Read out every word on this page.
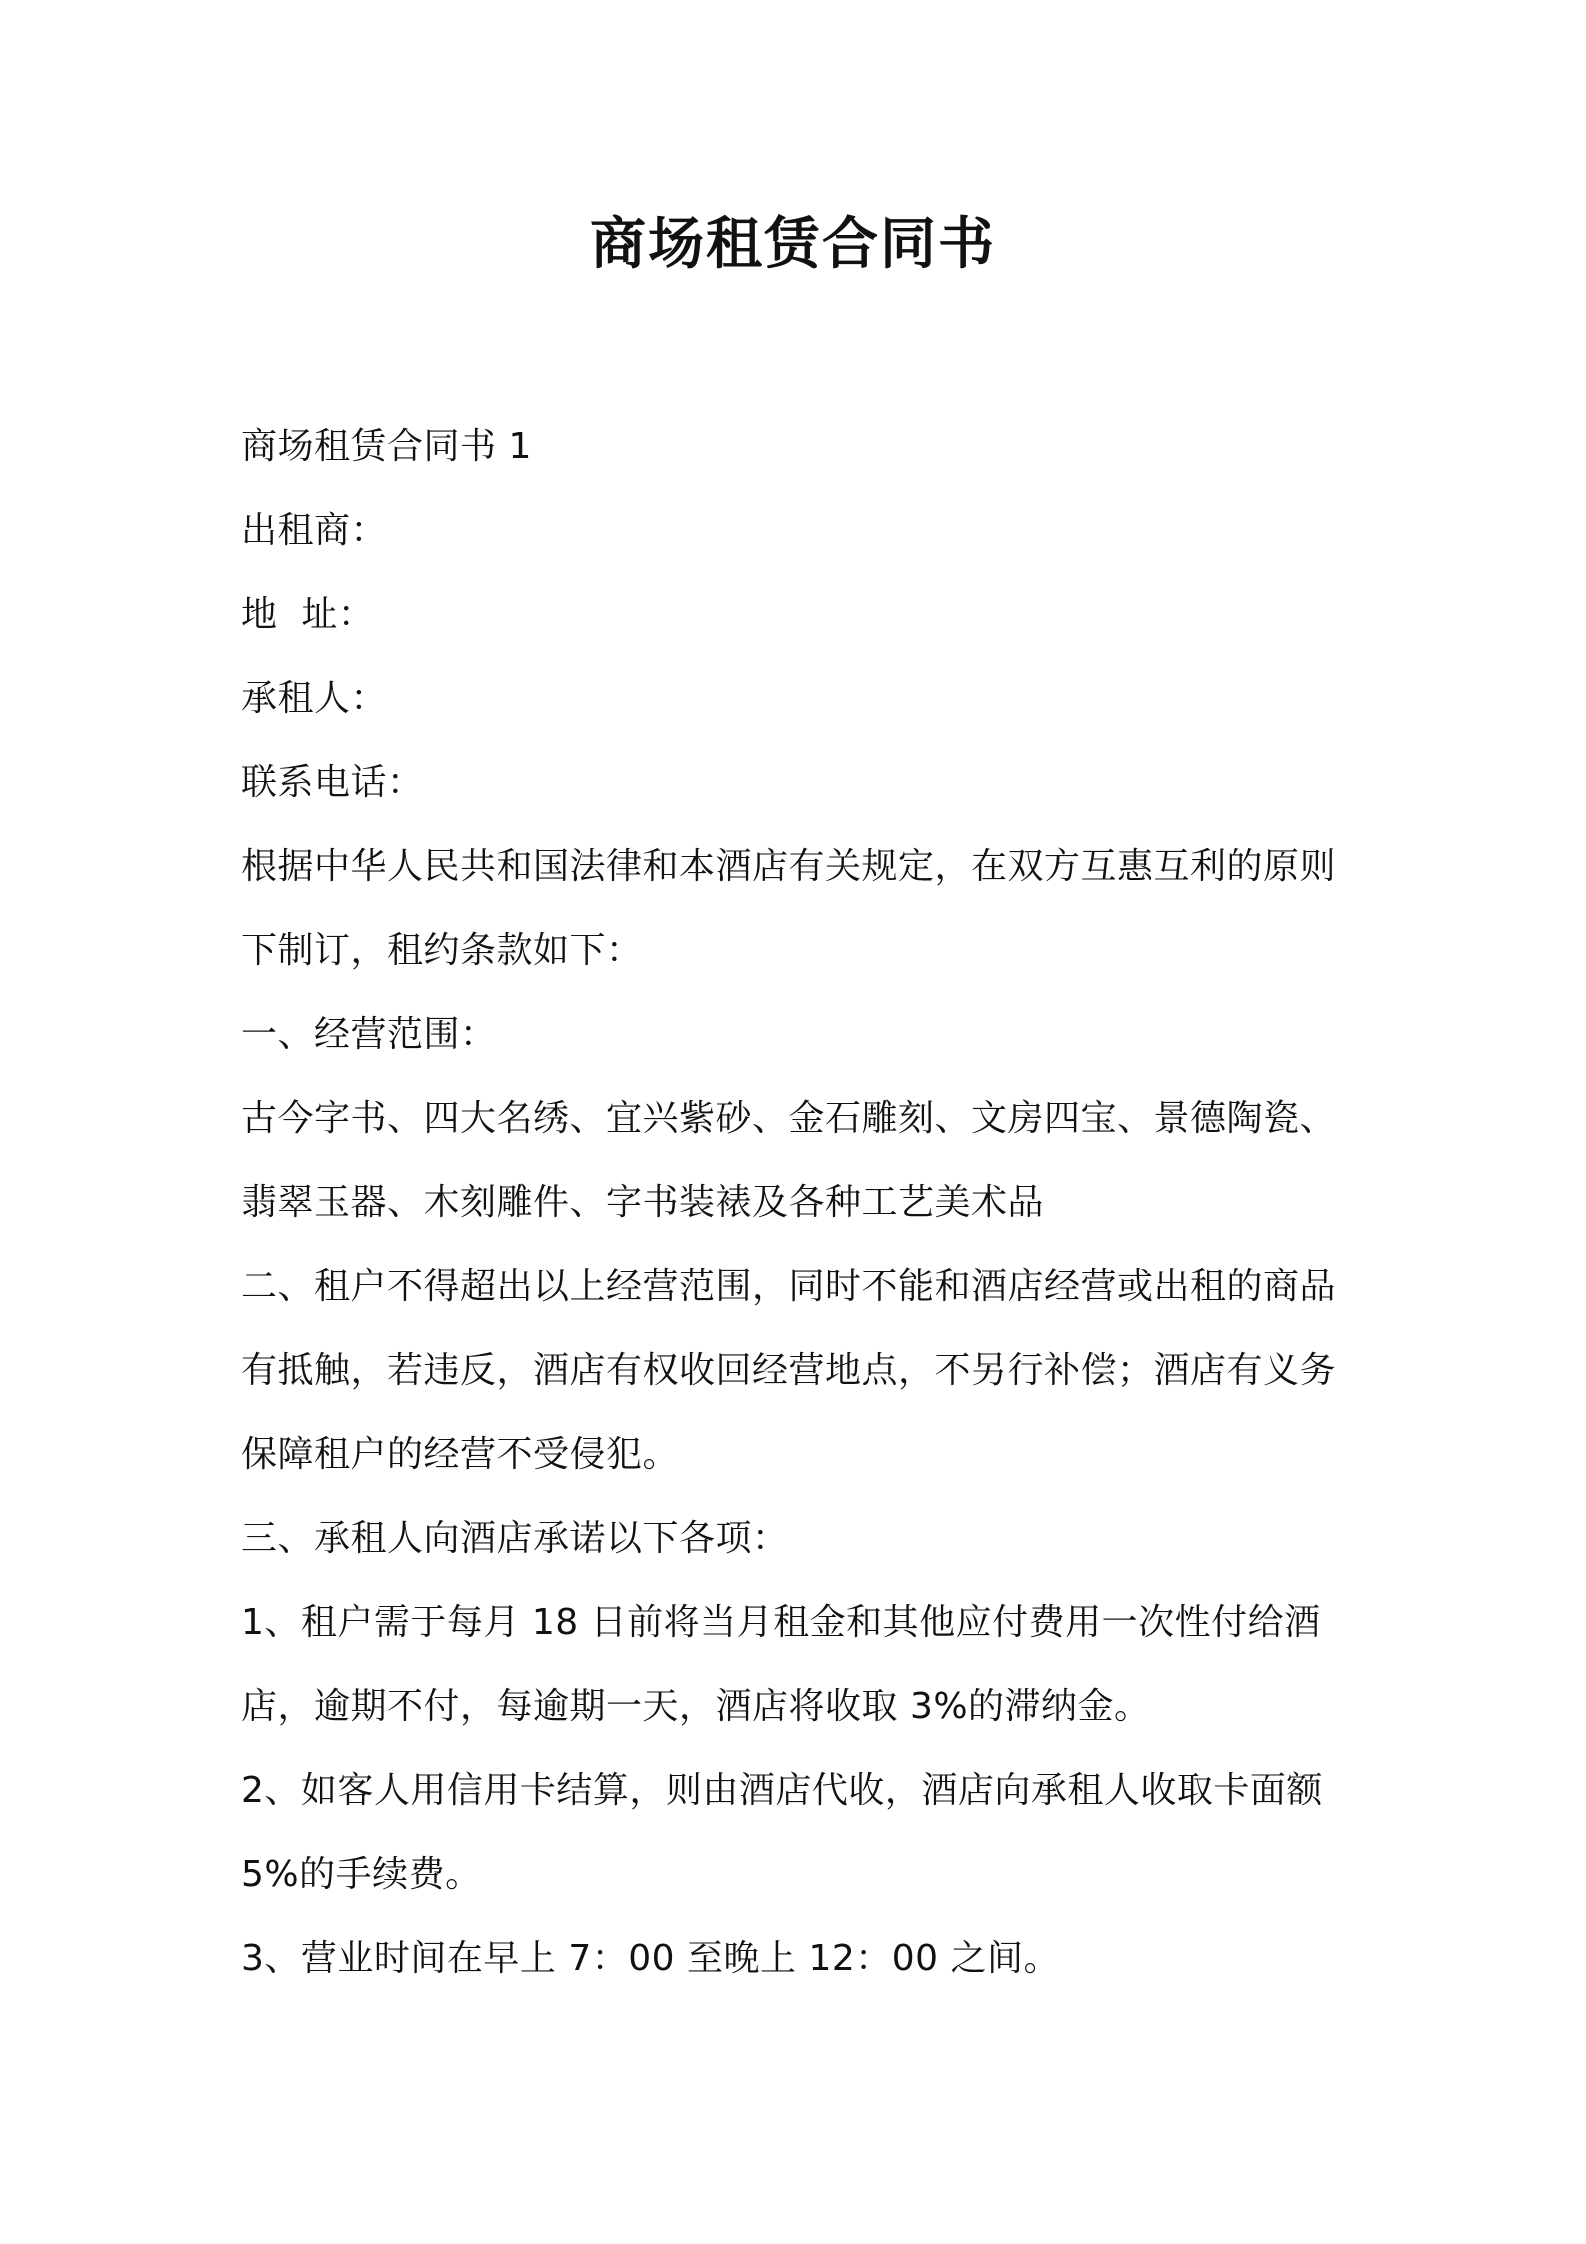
商场租赁合同书
商场租赁合同书 1
出租商：
地  址：
承租人：
联系电话：
根据中华人民共和国法律和本酒店有关规定，在双方互惠互利的原则
下制订，租约条款如下：
一、经营范围：
古今字书、四大名绣、宜兴紫砂、金石雕刻、文房四宝、景德陶瓷、
翡翠玉器、木刻雕件、字书装裱及各种工艺美术品
二、租户不得超出以上经营范围，同时不能和酒店经营或出租的商品
有抵触，若违反，酒店有权收回经营地点，不另行补偿；酒店有义务
保障租户的经营不受侵犯。
三、承租人向酒店承诺以下各项：
1、租户需于每月 18 日前将当月租金和其他应付费用一次性付给酒
店，逾期不付，每逾期一天，酒店将收取 3%的滞纳金。
2、如客人用信用卡结算，则由酒店代收，酒店向承租人收取卡面额
5%的手续费。
3、营业时间在早上 7：00 至晚上 12：00 之间。
